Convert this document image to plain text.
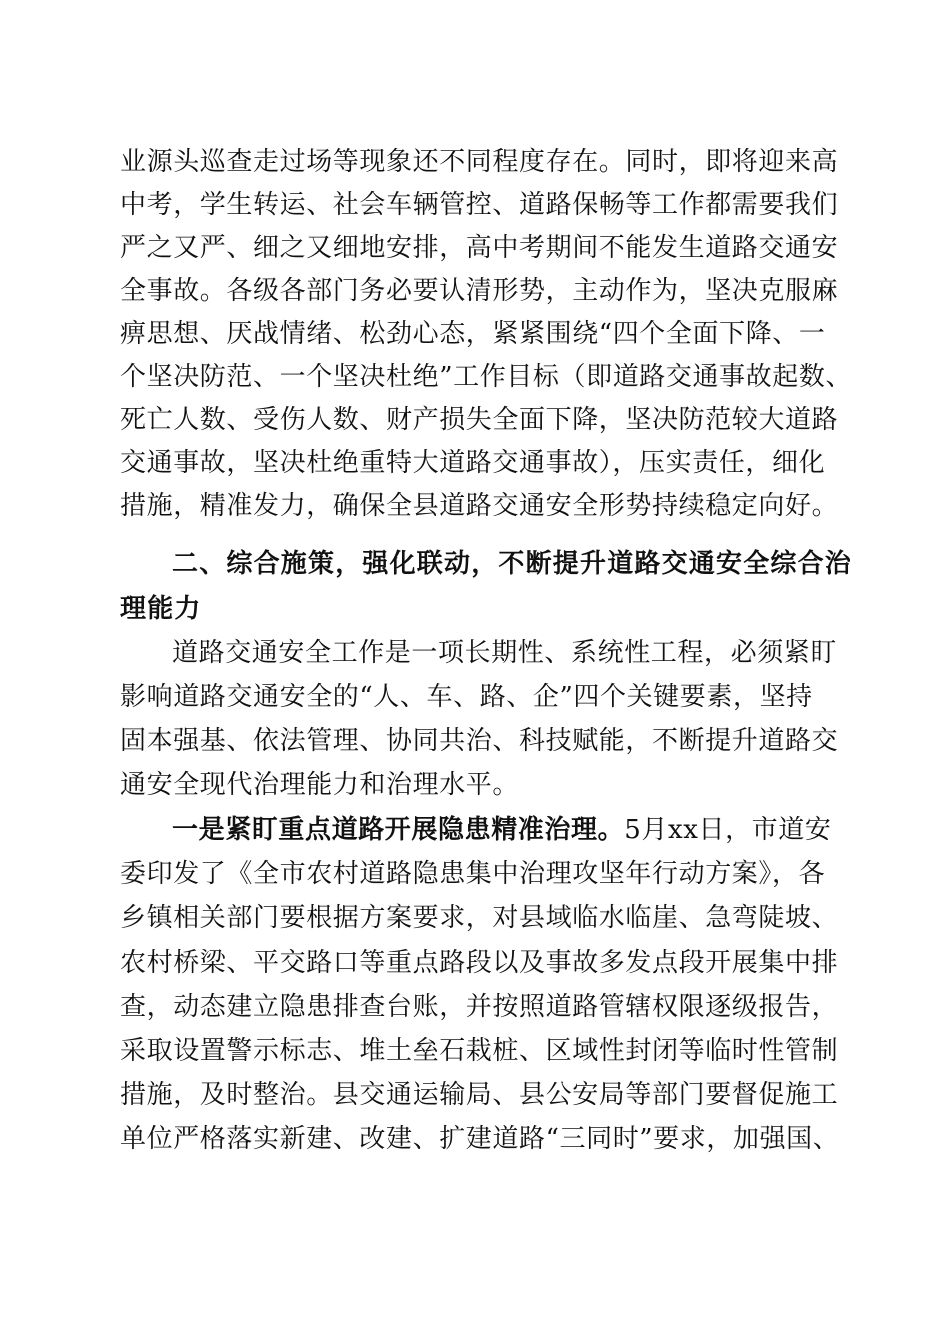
业源头巡查走过场等现象还不同程度存在。同时，即将迎来高
中考，学生转运、社会车辆管控、道路保畅等工作都需要我们
严之又严、细之又细地安排，高中考期间不能发生道路交通安
全事故。各级各部门务必要认清形势，主动作为，坚决克服麻
痹思想、厌战情绪、松劲心态，紧紧围绕“四个全面下降、一
个坚决防范、一个坚决杜绝”工作目标（即道路交通事故起数、
死亡人数、受伤人数、财产损失全面下降，坚决防范较大道路
交通事故，坚决杜绝重特大道路交通事故），压实责任，细化
措施，精准发力，确保全县道路交通安全形势持续稳定向好。
二、综合施策，强化联动，不断提升道路交通安全综合治
理能力
道路交通安全工作是一项长期性、系统性工程，必须紧盯
影响道路交通安全的“人、车、路、企”四个关键要素，坚持
固本强基、依法管理、协同共治、科技赋能，不断提升道路交
通安全现代治理能力和治理水平。
一是紧盯重点道路开展隐患精准治理。5月xx日，市道安
委印发了《全市农村道路隐患集中治理攻坚年行动方案》，各
乡镇相关部门要根据方案要求，对县域临水临崖、急弯陡坡、
农村桥梁、平交路口等重点路段以及事故多发点段开展集中排
查，动态建立隐患排查台账，并按照道路管辖权限逐级报告，
采取设置警示标志、堆土垒石栽桩、区域性封闭等临时性管制
措施，及时整治。县交通运输局、县公安局等部门要督促施工
单位严格落实新建、改建、扩建道路“三同时”要求，加强国、
